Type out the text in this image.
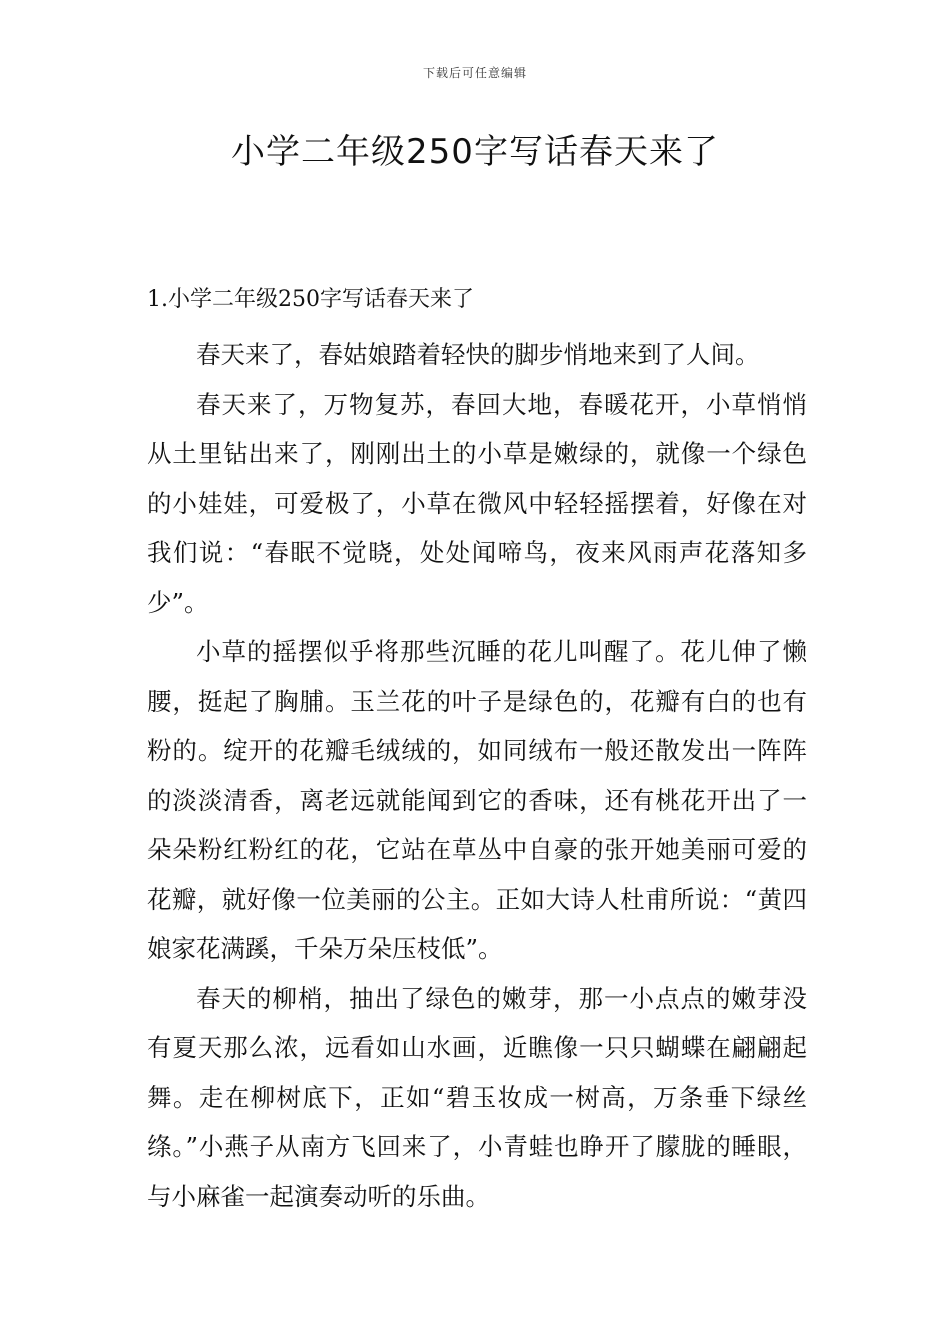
下载后可任意编辑
小学二年级250字写话春天来了
1.小学二年级250字写话春天来了

春天来了，春姑娘踏着轻快的脚步悄地来到了人间。

春天来了，万物复苏，春回大地，春暖花开，小草悄悄从土里钻出来了，刚刚出土的小草是嫩绿的，就像一个绿色的小娃娃，可爱极了，小草在微风中轻轻摇摆着，好像在对我们说：“春眠不觉晓，处处闻啼鸟，夜来风雨声花落知多少”。

小草的摇摆似乎将那些沉睡的花儿叫醒了。花儿伸了懒腰，挺起了胸脯。玉兰花的叶子是绿色的，花瓣有白的也有粉的。绽开的花瓣毛绒绒的，如同绒布一般还散发出一阵阵的淡淡清香，离老远就能闻到它的香味，还有桃花开出了一朵朵粉红粉红的花，它站在草丛中自豪的张开她美丽可爱的花瓣，就好像一位美丽的公主。正如大诗人杜甫所说：“黄四娘家花满蹊，千朵万朵压枝低”。

春天的柳梢，抽出了绿色的嫩芽，那一小点点的嫩芽没有夏天那么浓，远看如山水画，近瞧像一只只蝴蝶在翩翩起舞。走在柳树底下，正如“碧玉妆成一树高，万条垂下绿丝绦。”小燕子从南方飞回来了，小青蛙也睁开了朦胧的睡眼，与小麻雀一起演奏动听的乐曲。
